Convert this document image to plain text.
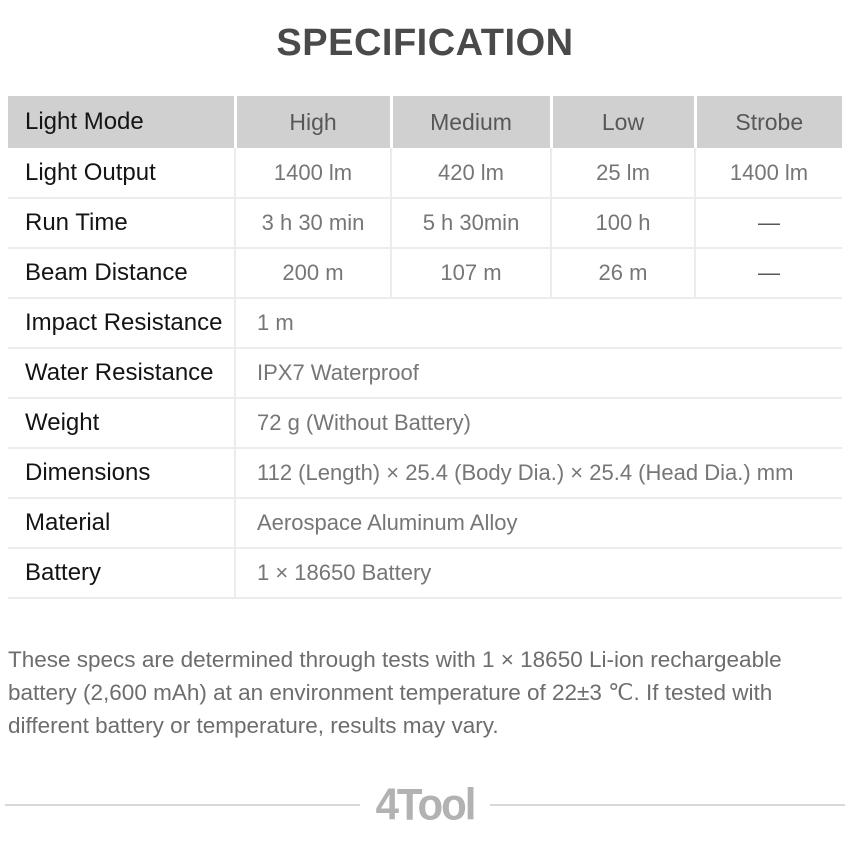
SPECIFICATION
Light Mode	High	Medium	Low	Strobe
Light Output	1400 lm	420 lm	25 lm	1400 lm
Run Time	3 h 30 min	5 h 30min	100 h	—
Beam Distance	200 m	107 m	26 m	—
Impact Resistance	1 m			
Water Resistance	IPX7 Waterproof			
Weight	72 g (Without Battery)			
Dimensions	112 (Length) × 25.4 (Body Dia.) × 25.4 (Head Dia.) mm			
Material	Aerospace Aluminum Alloy			
Battery	1 × 18650 Battery			
These specs are determined through tests with 1 × 18650 Li-ion rechargeable
battery (2,600 mAh) at an environment temperature of 22±3 ℃. If tested with
different battery or temperature, results may vary.
4Tool
